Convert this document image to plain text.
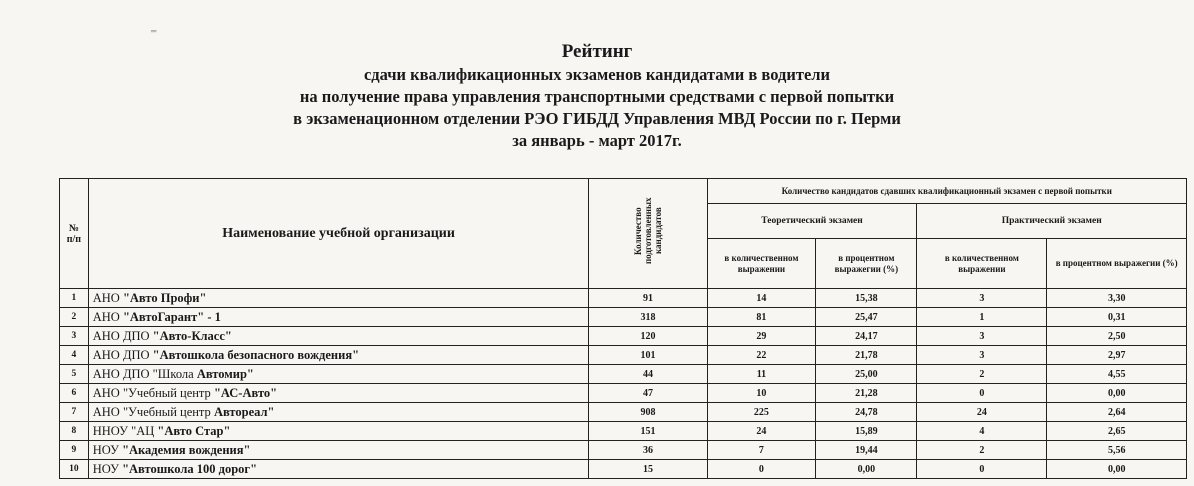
⁼
Рейтинг
сдачи квалификационных экзаменов кандидатами в водители
на получение права управления транспортными средствами с первой попытки
в экзаменационном отделении РЭО ГИБДД Управления МВД России по г. Перми
за январь - март 2017г.
№
п/п	Наименование учебной организации	Количество подготовленных кандидатов	Количество кандидатов сдавших квалификационный экзамен с первой попытки			
			Теоретический экзамен		Практический экзамен	
			в количественном выражении	в процентном выражегии (%)	в количественном выражении	в процентном выражегии (%)
1	АНО "Авто Профи"	91	14	15,38	3	3,30
2	АНО "АвтоГарант" - 1	318	81	25,47	1	0,31
3	АНО ДПО "Авто-Класс"	120	29	24,17	3	2,50
4	АНО ДПО "Автошкола безопасного вождения"	101	22	21,78	3	2,97
5	АНО ДПО "Школа Автомир"	44	11	25,00	2	4,55
6	АНО "Учебный центр "АС-Авто"	47	10	21,28	0	0,00
7	АНО "Учебный центр Автореал"	908	225	24,78	24	2,64
8	ННОУ "АЦ "Авто Стар"	151	24	15,89	4	2,65
9	НОУ "Академия вождения"	36	7	19,44	2	5,56
10	НОУ "Автошкола 100 дорог"	15	0	0,00	0	0,00
